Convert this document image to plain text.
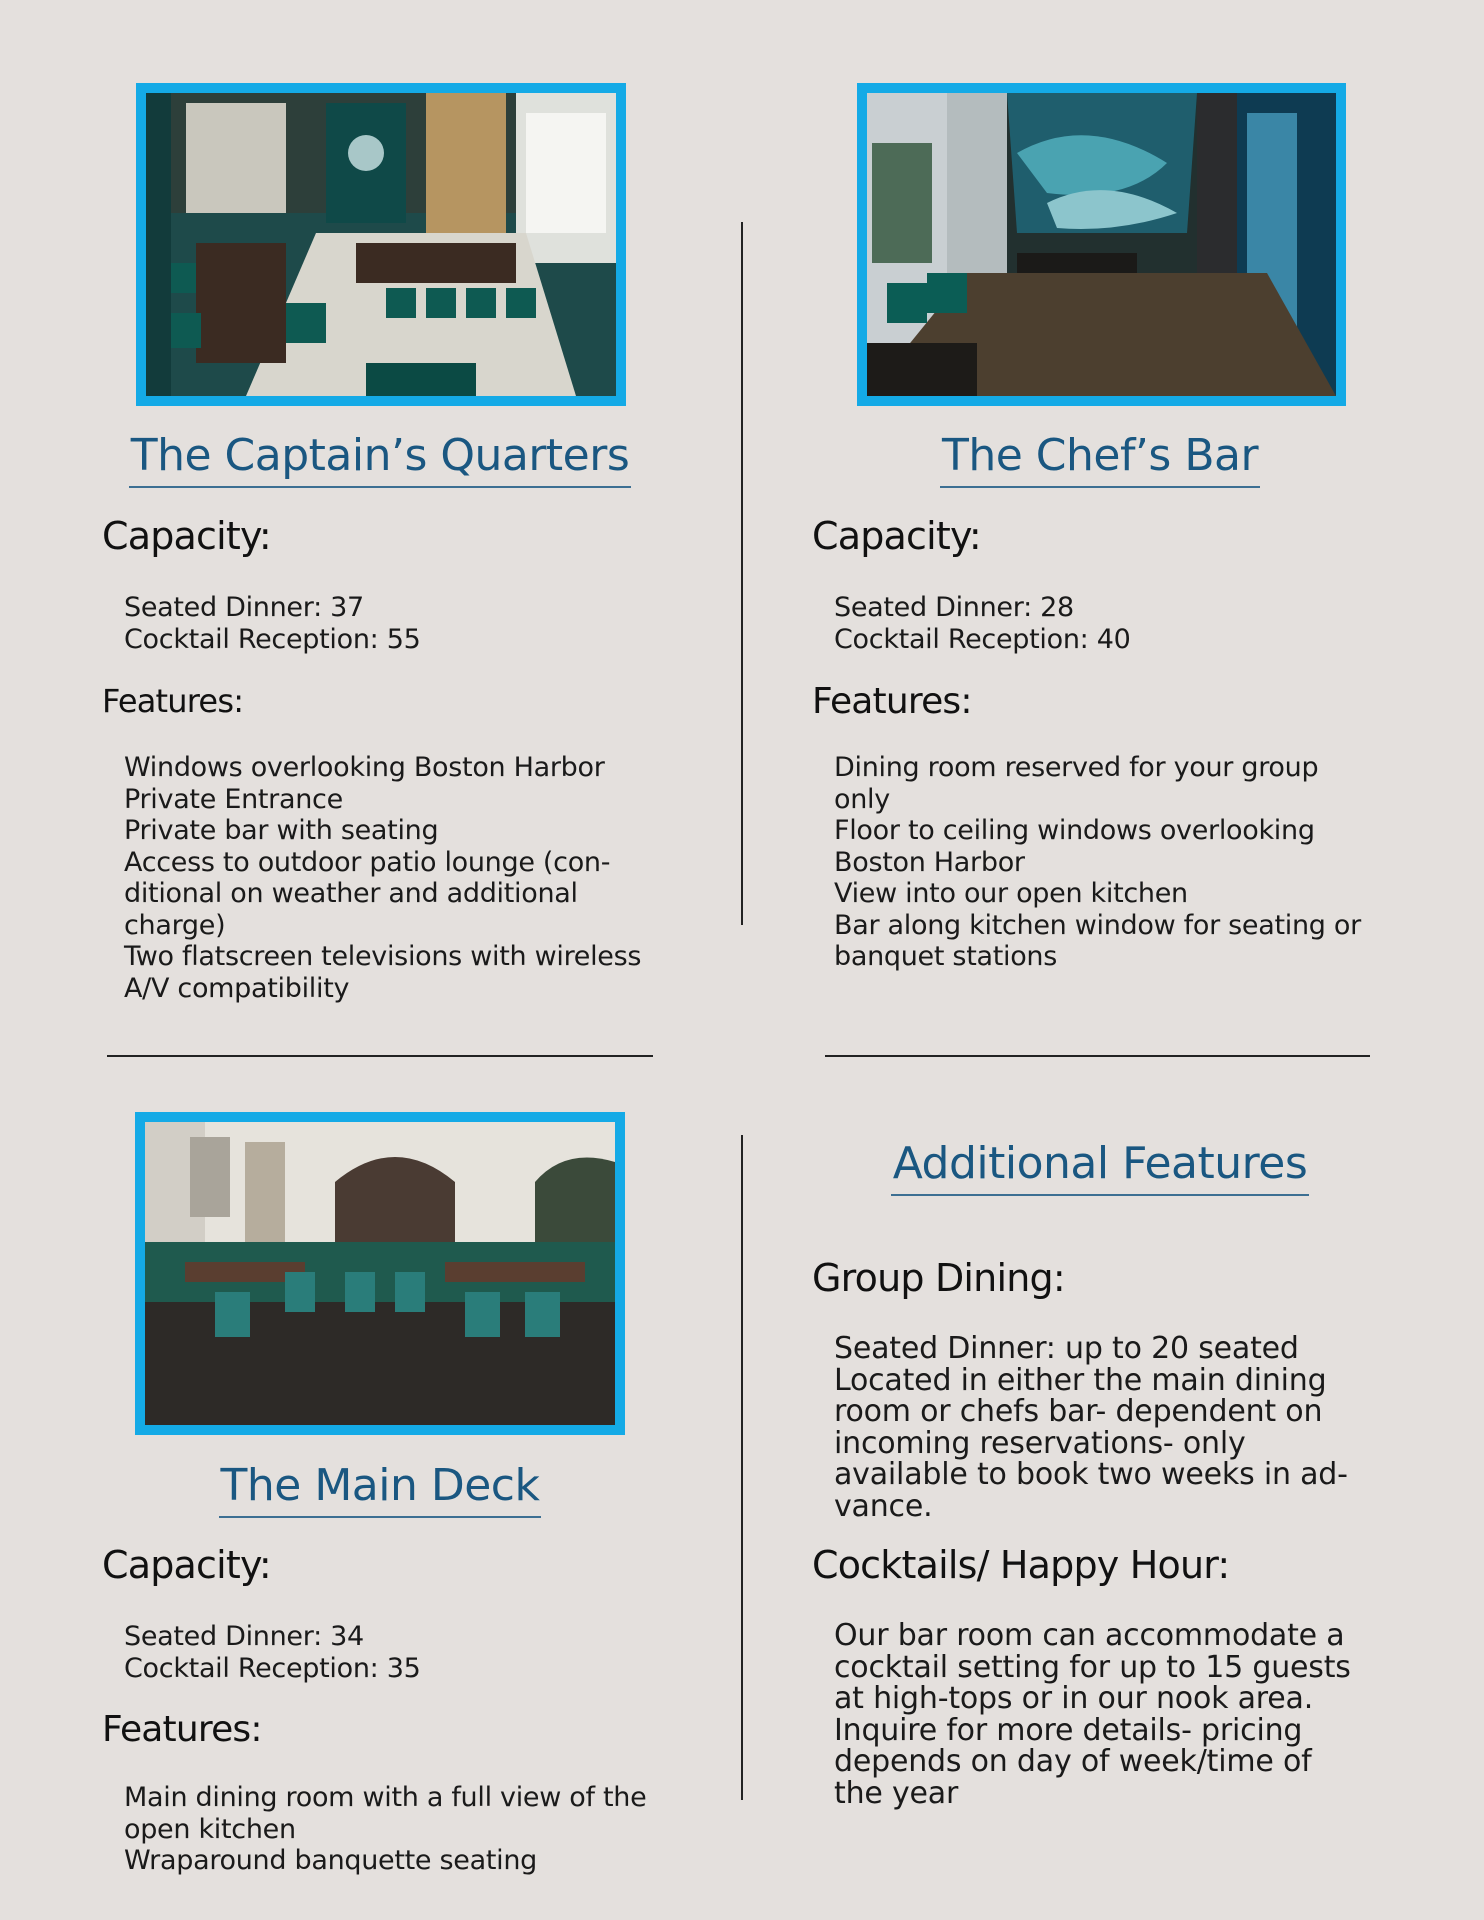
The Captain’s Quarters
Capacity:
Seated Dinner: 37
Cocktail Reception: 55
Features:
Windows overlooking Boston Harbor
Private Entrance
Private bar with seating
Access to outdoor patio lounge (con-
ditional on weather and additional
charge)
Two flatscreen televisions with wireless
A/V compatibility
The Chef’s Bar
Capacity:
Seated Dinner: 28
Cocktail Reception: 40
Features:
Dining room reserved for your group
only
Floor to ceiling windows overlooking
Boston Harbor
View into our open kitchen
Bar along kitchen window for seating or
banquet stations
The Main Deck
Capacity:
Seated Dinner: 34
Cocktail Reception: 35
Features:
Main dining room with a full view of the
open kitchen
Wraparound banquette seating
Additional Features
Group Dining:
Seated Dinner: up to 20 seated
Located in either the main dining
room or chefs bar- dependent on
incoming reservations- only
available to book two weeks in ad-
vance.
Cocktails/ Happy Hour:
Our bar room can accommodate a
cocktail setting for up to 15 guests
at high-tops or in our nook area.
Inquire for more details- pricing
depends on day of week/time of
the year
